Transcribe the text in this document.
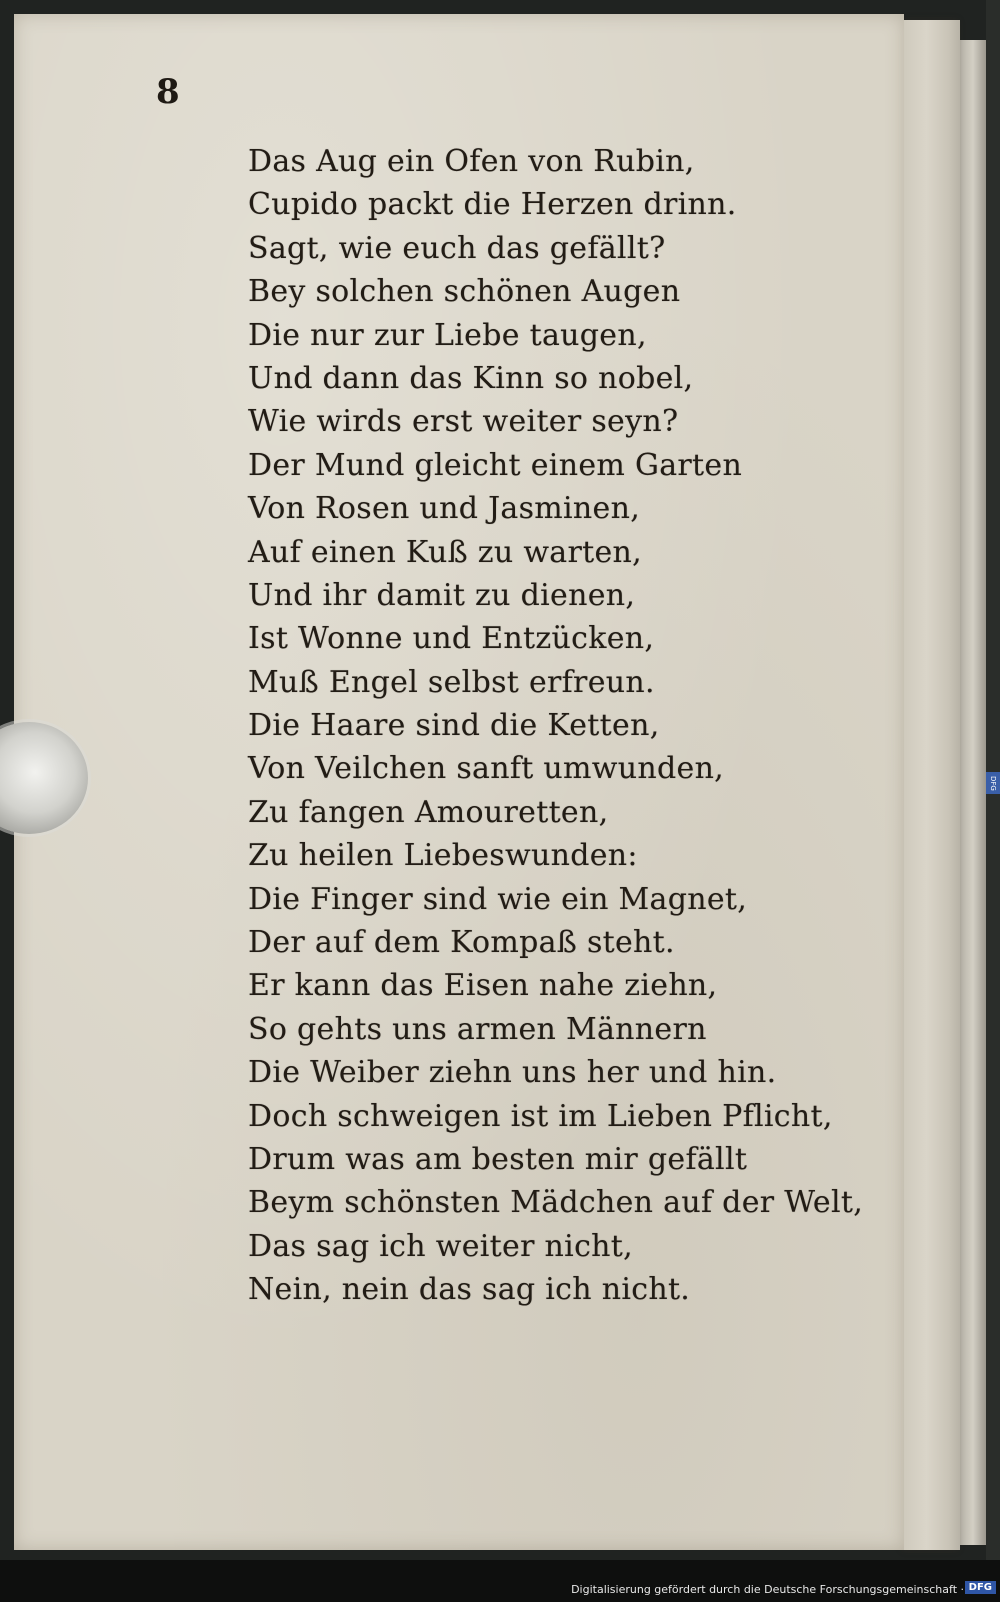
DFG
8
Das Aug ein Ofen von Rubin,
Cupido packt die Herzen drinn.
Sagt, wie euch das gefällt?
Bey solchen schönen Augen
Die nur zur Liebe taugen,
Und dann das Kinn so nobel,
Wie wirds erst weiter seyn?
Der Mund gleicht einem Garten
Von Rosen und Jasminen,
Auf einen Kuß zu warten,
Und ihr damit zu dienen,
Ist Wonne und Entzücken,
Muß Engel selbst erfreun.
Die Haare sind die Ketten,
Von Veilchen sanft umwunden,
Zu fangen Amouretten,
Zu heilen Liebeswunden:
Die Finger sind wie ein Magnet,
Der auf dem Kompaß steht.
Er kann das Eisen nahe ziehn,
So gehts uns armen Männern
Die Weiber ziehn uns her und hin.
Doch schweigen ist im Lieben Pflicht,
Drum was am besten mir gefällt
Beym schönsten Mädchen auf der Welt,
Das sag ich weiter nicht,
Nein, nein das sag ich nicht.
Digitalisierung gefördert durch die Deutsche Forschungsgemeinschaft · DFG
